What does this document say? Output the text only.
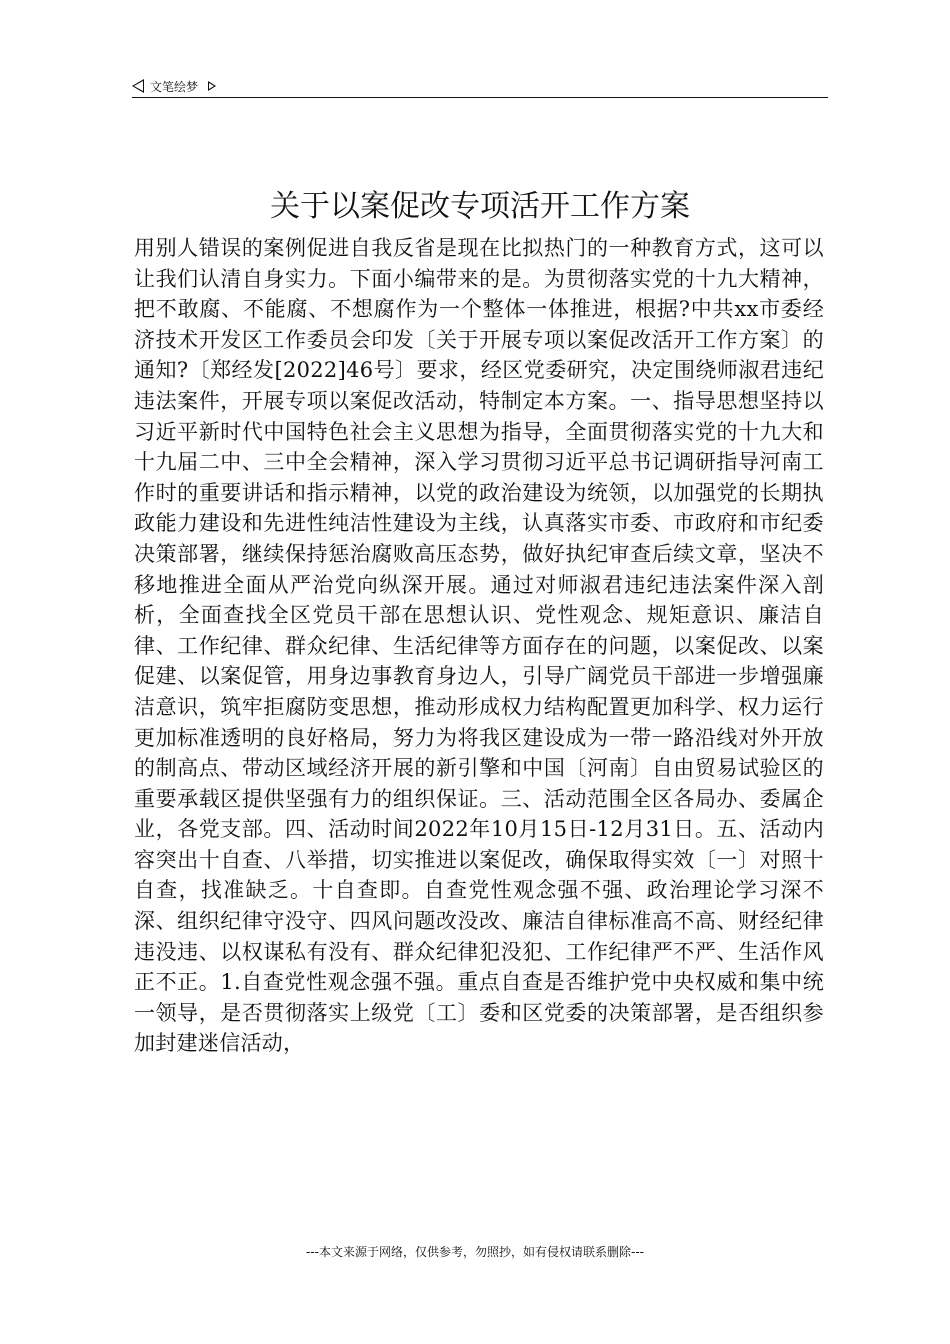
文笔绘梦
关于以案促改专项活开工作方案

用别人错误的案例促进自我反省是现在比拟热门的一种教育方式，这可以让我们认清自身实力。下面小编带来的是。为贯彻落实党的十九大精神，把不敢腐、不能腐、不想腐作为一个整体一体推进，根据?中共xx市委经济技术开发区工作委员会印发〔关于开展专项以案促改活开工作方案〕的通知?〔郑经发[2022]46号〕要求，经区党委研究，决定围绕师淑君违纪违法案件，开展专项以案促改活动，特制定本方案。一、指导思想坚持以习近平新时代中国特色社会主义思想为指导，全面贯彻落实党的十九大和十九届二中、三中全会精神，深入学习贯彻习近平总书记调研指导河南工作时的重要讲话和指示精神，以党的政治建设为统领，以加强党的长期执政能力建设和先进性纯洁性建设为主线，认真落实市委、市政府和市纪委决策部署，继续保持惩治腐败高压态势，做好执纪审查后续文章，坚决不移地推进全面从严治党向纵深开展。通过对师淑君违纪违法案件深入剖析，全面查找全区党员干部在思想认识、党性观念、规矩意识、廉洁自律、工作纪律、群众纪律、生活纪律等方面存在的问题，以案促改、以案促建、以案促管，用身边事教育身边人，引导广阔党员干部进一步增强廉洁意识，筑牢拒腐防变思想，推动形成权力结构配置更加科学、权力运行更加标准透明的良好格局，努力为将我区建设成为一带一路沿线对外开放的制高点、带动区域经济开展的新引擎和中国〔河南〕自由贸易试验区的重要承载区提供坚强有力的组织保证。三、活动范围全区各局办、委属企业，各党支部。四、活动时间2022年10月15日-12月31日。五、活动内容突出十自查、八举措，切实推进以案促改，确保取得实效〔一〕对照十自查，找准缺乏。十自查即。自查党性观念强不强、政治理论学习深不深、组织纪律守没守、四风问题改没改、廉洁自律标准高不高、财经纪律违没违、以权谋私有没有、群众纪律犯没犯、工作纪律严不严、生活作风正不正。1.自查党性观念强不强。重点自查是否维护党中央权威和集中统一领导，是否贯彻落实上级党〔工〕委和区党委的决策部署，是否组织参加封建迷信活动，

---本文来源于网络，仅供参考，勿照抄，如有侵权请联系删除---
